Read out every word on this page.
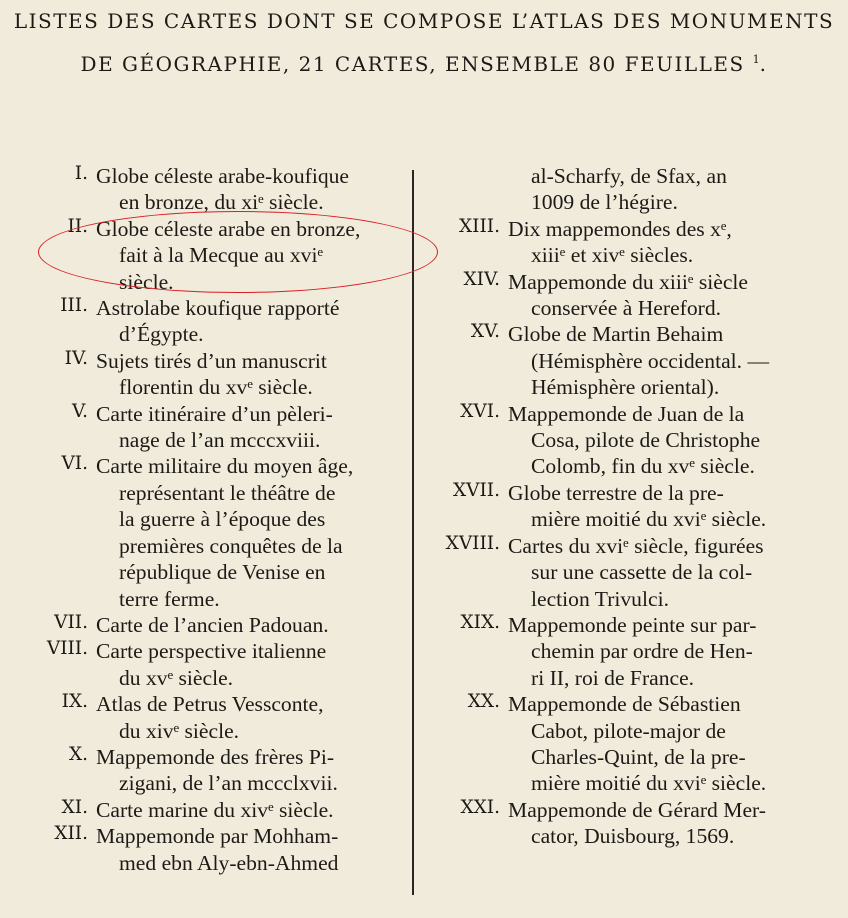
LISTES DES CARTES DONT SE COMPOSE L’ATLAS DES MONUMENTS
DE GÉOGRAPHIE, 21 CARTES, ENSEMBLE 80 FEUILLES $^1$.
I. Globe céleste arabe-koufique
en bronze, du xiᵉ siècle.
II. Globe céleste arabe en bronze,
fait à la Mecque au xviᵉ
siècle.
III. Astrolabe koufique rapporté
d’Égypte.
IV. Sujets tirés d’un manuscrit
florentin du xvᵉ siècle.
V. Carte itinéraire d’un pèleri-
nage de l’an mcccxviii.
VI. Carte militaire du moyen âge,
représentant le théâtre de
la guerre à l’époque des
premières conquêtes de la
république de Venise en
terre ferme.
VII. Carte de l’ancien Padouan.
VIII. Carte perspective italienne
du xvᵉ siècle.
IX. Atlas de Petrus Vessconte,
du xivᵉ siècle.
X. Mappemonde des frères Pi-
zigani, de l’an mccclxvii.
XI. Carte marine du xivᵉ siècle.
XII. Mappemonde par Mohham-
med ebn Aly-ebn-Ahmed
al-Scharfy, de Sfax, an
1009 de l’hégire.
XIII. Dix mappemondes des xᵉ,
xiiiᵉ et xivᵉ siècles.
XIV. Mappemonde du xiiiᵉ siècle
conservée à Hereford.
XV. Globe de Martin Behaim
(Hémisphère occidental. —
Hémisphère oriental).
XVI. Mappemonde de Juan de la
Cosa, pilote de Christophe
Colomb, fin du xvᵉ siècle.
XVII. Globe terrestre de la pre-
mière moitié du xviᵉ siècle.
XVIII. Cartes du xviᵉ siècle, figurées
sur une cassette de la col-
lection Trivulci.
XIX. Mappemonde peinte sur par-
chemin par ordre de Hen-
ri II, roi de France.
XX. Mappemonde de Sébastien
Cabot, pilote-major de
Charles-Quint, de la pre-
mière moitié du xviᵉ siècle.
XXI. Mappemonde de Gérard Mer-
cator, Duisbourg, 1569.
